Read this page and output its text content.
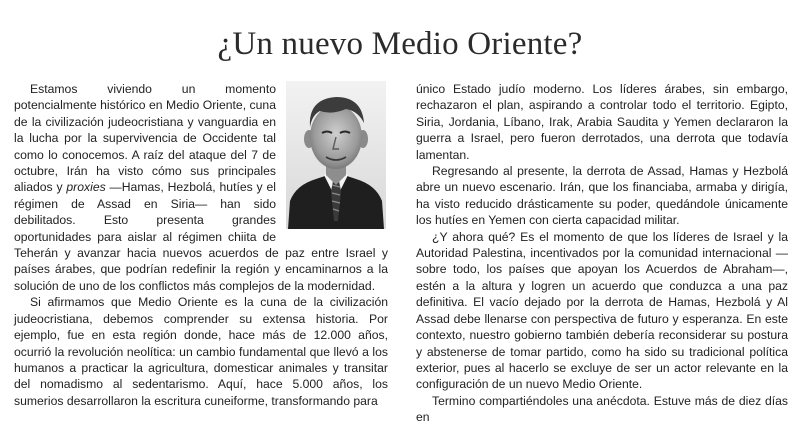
¿Un nuevo Medio Oriente?

Estamos viviendo un momento potencialmente histórico en Medio Oriente, cuna de la civilización judeocristiana y vanguardia en la lucha por la supervivencia de Occidente tal como lo conocemos. A raíz del ataque del 7 de octubre, Irán ha visto cómo sus principales aliados y proxies —Hamas, Hezbolá, hutíes y el régimen de Assad en Siria— han sido debilitados. Esto presenta grandes oportunidades para aislar al régimen chiita de Teherán y avanzar hacia nuevos acuerdos de paz entre Israel y países árabes, que podrían redefinir la región y encaminarnos a la solución de uno de los conflictos más complejos de la modernidad.

Si afirmamos que Medio Oriente es la cuna de la civilización judeocristiana, debemos comprender su extensa historia. Por ejemplo, fue en esta región donde, hace más de 12.000 años, ocurrió la revolución neolítica: un cambio fundamental que llevó a los humanos a practicar la agricultura, domesticar animales y transitar del nomadismo al sedentarismo. Aquí, hace 5.000 años, los sumerios desarrollaron la escritura cuneiforme, transformando para

único Estado judío moderno. Los líderes árabes, sin embargo, rechazaron el plan, aspirando a controlar todo el territorio. Egipto, Siria, Jordania, Líbano, Irak, Arabia Saudita y Yemen declararon la guerra a Israel, pero fueron derrotados, una derrota que todavía lamentan.

Regresando al presente, la derrota de Assad, Hamas y Hezbolá abre un nuevo escenario. Irán, que los financiaba, armaba y dirigía, ha visto reducido drásticamente su poder, quedándole únicamente los hutíes en Yemen con cierta capacidad militar.

¿Y ahora qué? Es el momento de que los líderes de Israel y la Autoridad Palestina, incentivados por la comunidad internacional —sobre todo, los países que apoyan los Acuerdos de Abraham—, estén a la altura y logren un acuerdo que conduzca a una paz definitiva. El vacío dejado por la derrota de Hamas, Hezbolá y Al Assad debe llenarse con perspectiva de futuro y esperanza. En este contexto, nuestro gobierno también debería reconsiderar su postura y abstenerse de tomar partido, como ha sido su tradicional política exterior, pues al hacerlo se excluye de ser un actor relevante en la configuración de un nuevo Medio Oriente.

Termino compartiéndoles una anécdota. Estuve más de diez días en
